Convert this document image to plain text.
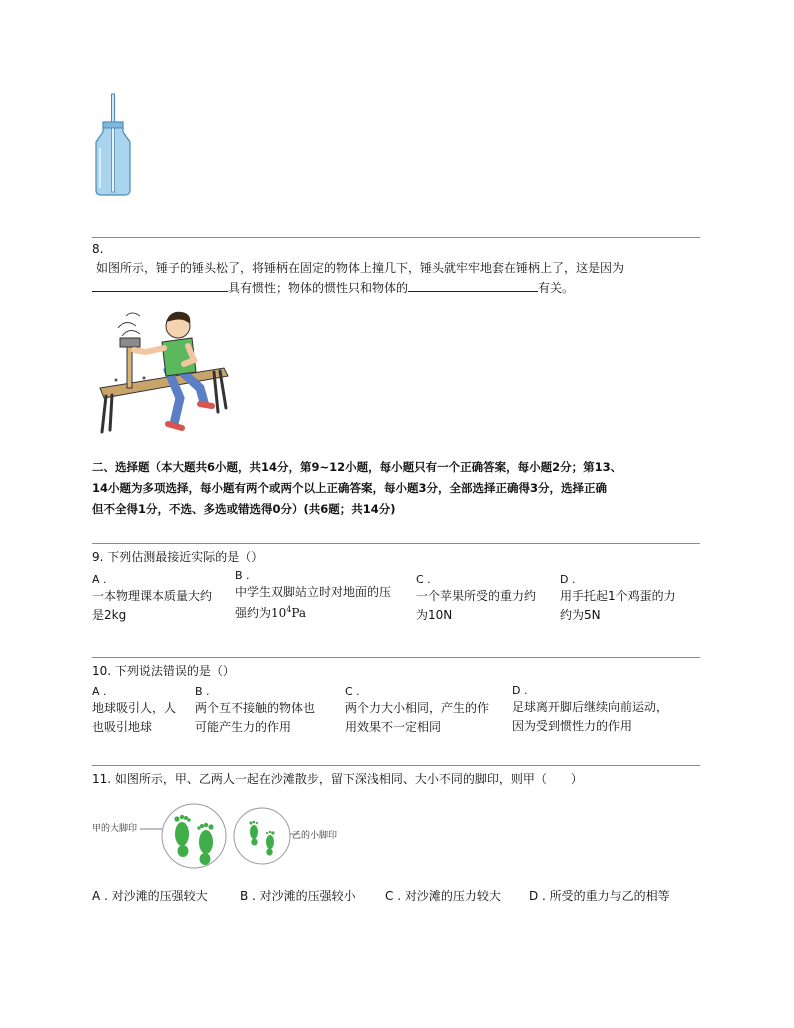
8.
如图所示，锤子的锤头松了，将锤柄在固定的物体上撞几下，锤头就牢牢地套在锤柄上了，这是因为
具有惯性；物体的惯性只和物体的	有关。
二、选择题（本大题共6小题，共14分，第9~12小题，每小题只有一个正确答案，每小题2分；第13、
14小题为多项选择，每小题有两个或两个以上正确答案，每小题3分，全部选择正确得3分，选择正确
但不全得1分，不选、多选或错选得0分）(共6题；共14分)
9. 下列估测最接近实际的是（）
A .
一本物理课本质量大约
是2kg
B .
中学生双脚站立时对地面的压
强约为$10^4Pa$
C .
一个苹果所受的重力约
为10N
D .
用手托起1个鸡蛋的力
约为5N
10. 下列说法错误的是（）
A .
地球吸引人，人
也吸引地球
B .
两个互不接触的物体也
可能产生力的作用
C .
两个力大小相同，产生的作
用效果不一定相同
D .
足球离开脚后继续向前运动，
因为受到惯性力的作用
11. 如图所示，甲、乙两人一起在沙滩散步，留下深浅相同、大小不同的脚印，则甲（　　）
甲的大脚印
乙的小脚印
A . 对沙滩的压强较大	B . 对沙滩的压强较小 C . 对沙滩的压力较大 D . 所受的重力与乙的相等
